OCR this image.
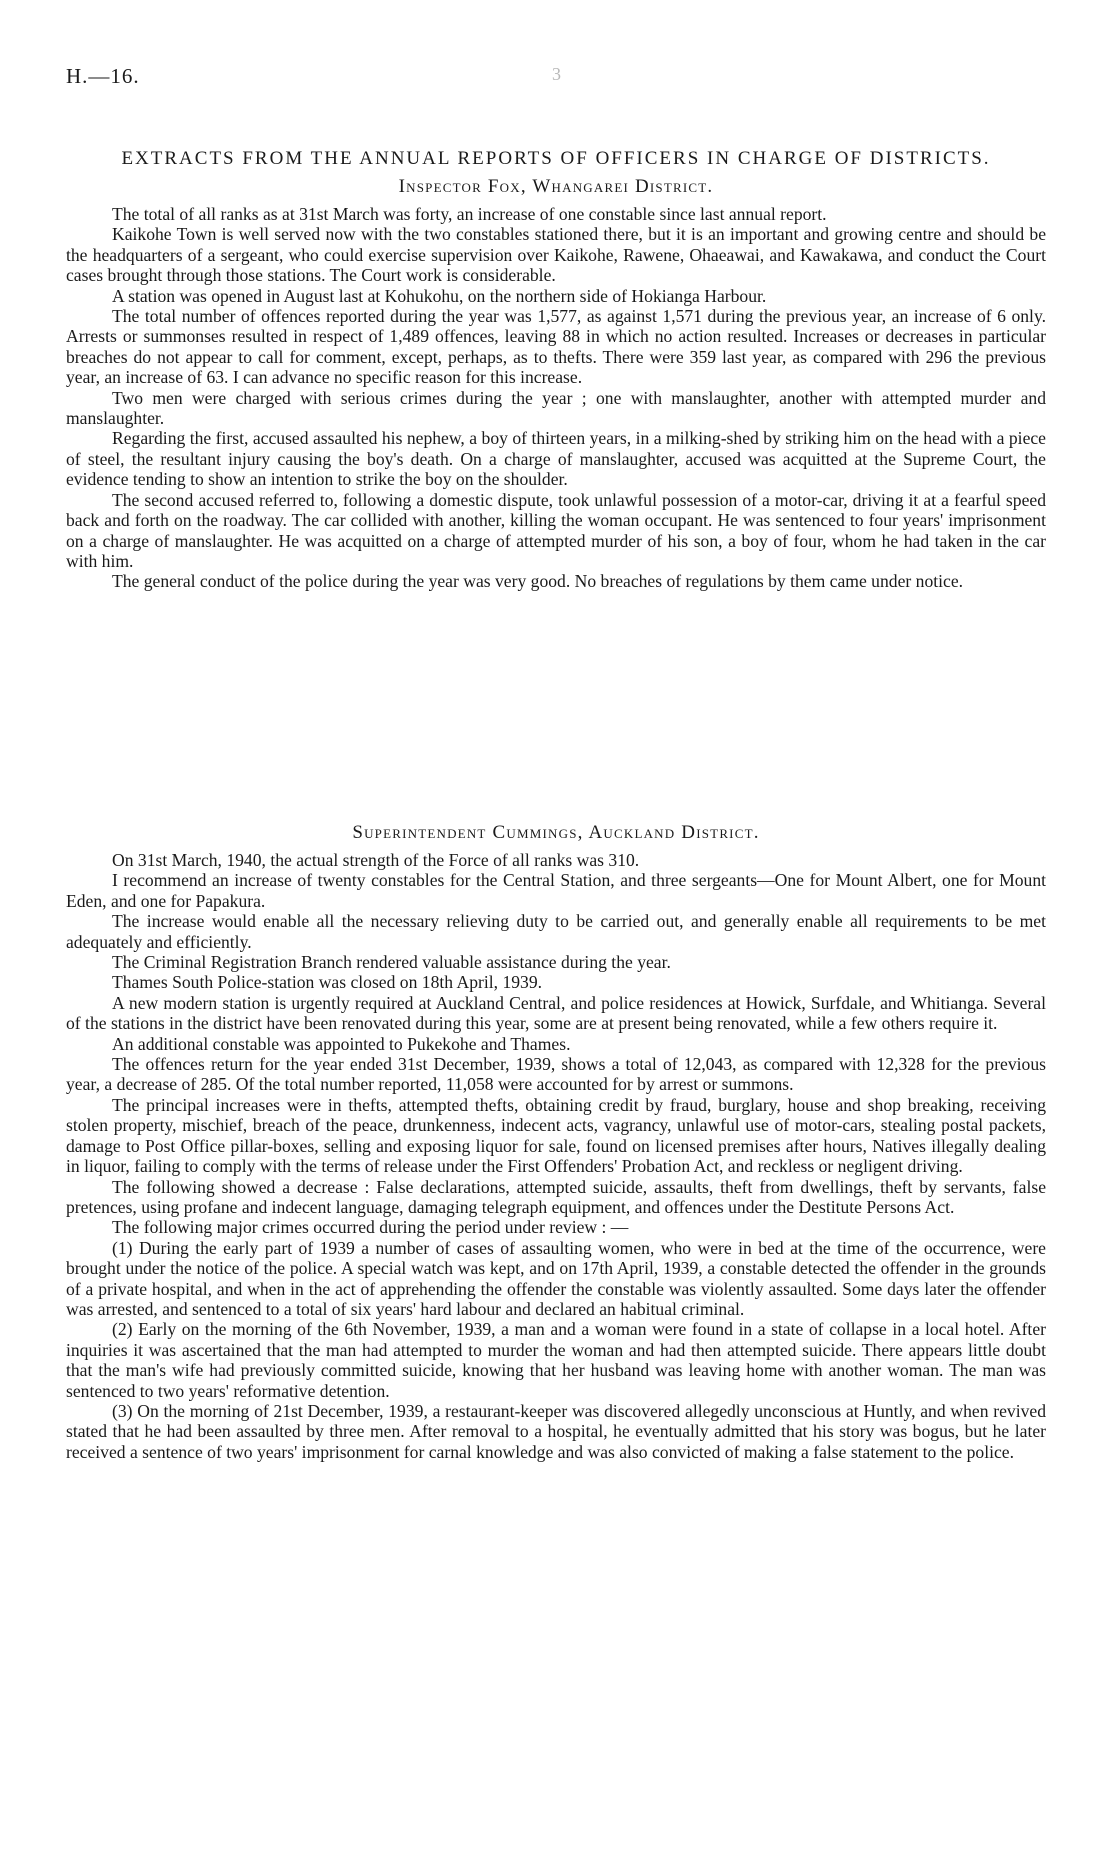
H.—16.	3
EXTRACTS FROM THE ANNUAL REPORTS OF OFFICERS IN CHARGE OF DISTRICTS.
Inspector Fox, Whangarei District.

The total of all ranks as at 31st March was forty, an increase of one constable since last annual report.

Kaikohe Town is well served now with the two constables stationed there, but it is an important and growing centre and should be the headquarters of a sergeant, who could exercise supervision over Kaikohe, Rawene, Ohaeawai, and Kawakawa, and conduct the Court cases brought through those stations. The Court work is considerable.

A station was opened in August last at Kohukohu, on the northern side of Hokianga Harbour.

The total number of offences reported during the year was 1,577, as against 1,571 during the previous year, an increase of 6 only. Arrests or summonses resulted in respect of 1,489 offences, leaving 88 in which no action resulted. Increases or decreases in particular breaches do not appear to call for comment, except, perhaps, as to thefts. There were 359 last year, as compared with 296 the previous year, an increase of 63. I can advance no specific reason for this increase.

Two men were charged with serious crimes during the year ; one with manslaughter, another with attempted murder and manslaughter.

Regarding the first, accused assaulted his nephew, a boy of thirteen years, in a milking-shed by striking him on the head with a piece of steel, the resultant injury causing the boy's death. On a charge of manslaughter, accused was acquitted at the Supreme Court, the evidence tending to show an intention to strike the boy on the shoulder.

The second accused referred to, following a domestic dispute, took unlawful possession of a motor-car, driving it at a fearful speed back and forth on the roadway. The car collided with another, killing the woman occupant. He was sentenced to four years' imprisonment on a charge of manslaughter. He was acquitted on a charge of attempted murder of his son, a boy of four, whom he had taken in the car with him.

The general conduct of the police during the year was very good. No breaches of regulations by them came under notice.

Superintendent Cummings, Auckland District.

On 31st March, 1940, the actual strength of the Force of all ranks was 310.

I recommend an increase of twenty constables for the Central Station, and three sergeants—One for Mount Albert, one for Mount Eden, and one for Papakura.

The increase would enable all the necessary relieving duty to be carried out, and generally enable all requirements to be met adequately and efficiently.

The Criminal Registration Branch rendered valuable assistance during the year.

Thames South Police-station was closed on 18th April, 1939.

A new modern station is urgently required at Auckland Central, and police residences at Howick, Surfdale, and Whitianga. Several of the stations in the district have been renovated during this year, some are at present being renovated, while a few others require it.

An additional constable was appointed to Pukekohe and Thames.

The offences return for the year ended 31st December, 1939, shows a total of 12,043, as compared with 12,328 for the previous year, a decrease of 285. Of the total number reported, 11,058 were accounted for by arrest or summons.

The principal increases were in thefts, attempted thefts, obtaining credit by fraud, burglary, house and shop breaking, receiving stolen property, mischief, breach of the peace, drunkenness, indecent acts, vagrancy, unlawful use of motor-cars, stealing postal packets, damage to Post Office pillar-boxes, selling and exposing liquor for sale, found on licensed premises after hours, Natives illegally dealing in liquor, failing to comply with the terms of release under the First Offenders' Probation Act, and reckless or negligent driving.

The following showed a decrease : False declarations, attempted suicide, assaults, theft from dwellings, theft by servants, false pretences, using profane and indecent language, damaging telegraph equipment, and offences under the Destitute Persons Act.

The following major crimes occurred during the period under review : —

(1) During the early part of 1939 a number of cases of assaulting women, who were in bed at the time of the occurrence, were brought under the notice of the police. A special watch was kept, and on 17th April, 1939, a constable detected the offender in the grounds of a private hospital, and when in the act of apprehending the offender the constable was violently assaulted. Some days later the offender was arrested, and sentenced to a total of six years' hard labour and declared an habitual criminal.

(2) Early on the morning of the 6th November, 1939, a man and a woman were found in a state of collapse in a local hotel. After inquiries it was ascertained that the man had attempted to murder the woman and had then attempted suicide. There appears little doubt that the man's wife had previously committed suicide, knowing that her husband was leaving home with another woman. The man was sentenced to two years' reformative detention.

(3) On the morning of 21st December, 1939, a restaurant-keeper was discovered allegedly unconscious at Huntly, and when revived stated that he had been assaulted by three men. After removal to a hospital, he eventually admitted that his story was bogus, but he later received a sentence of two years' imprisonment for carnal knowledge and was also convicted of making a false statement to the police.
